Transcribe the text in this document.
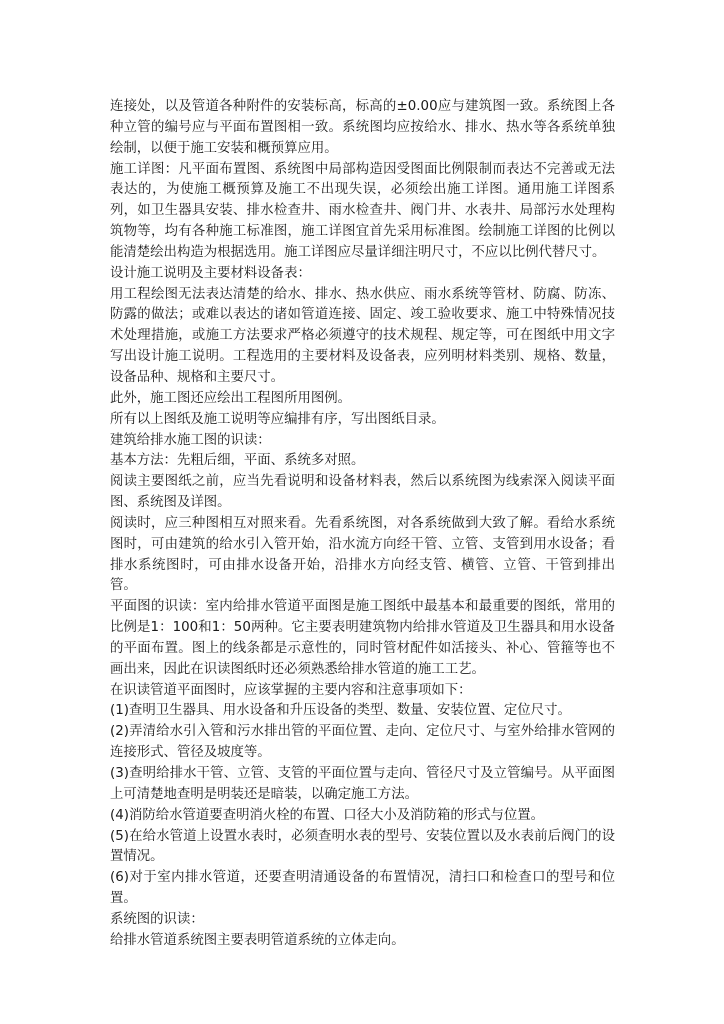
连接处，以及管道各种附件的安装标高，标高的±0.00应与建筑图一致。系统图上各种立管的编号应与平面布置图相一致。系统图均应按给水、排水、热水等各系统单独绘制，以便于施工安装和概预算应用。

施工详图：凡平面布置图、系统图中局部构造因受图面比例限制而表达不完善或无法表达的，为使施工概预算及施工不出现失误，必须绘出施工详图。通用施工详图系列，如卫生器具安装、排水检查井、雨水检查井、阀门井、水表井、局部污水处理构筑物等，均有各种施工标准图，施工详图宜首先采用标准图。绘制施工详图的比例以能清楚绘出构造为根据选用。施工详图应尽量详细注明尺寸，不应以比例代替尺寸。

设计施工说明及主要材料设备表：

用工程绘图无法表达清楚的给水、排水、热水供应、雨水系统等管材、防腐、防冻、防露的做法；或难以表达的诸如管道连接、固定、竣工验收要求、施工中特殊情况技术处理措施，或施工方法要求严格必须遵守的技术规程、规定等，可在图纸中用文字写出设计施工说明。工程选用的主要材料及设备表，应列明材料类别、规格、数量，设备品种、规格和主要尺寸。

此外，施工图还应绘出工程图所用图例。

所有以上图纸及施工说明等应编排有序，写出图纸目录。

建筑给排水施工图的识读：

基本方法：先粗后细，平面、系统多对照。

阅读主要图纸之前，应当先看说明和设备材料表，然后以系统图为线索深入阅读平面图、系统图及详图。

阅读时，应三种图相互对照来看。先看系统图，对各系统做到大致了解。看给水系统图时，可由建筑的给水引入管开始，沿水流方向经干管、立管、支管到用水设备；看排水系统图时，可由排水设备开始，沿排水方向经支管、横管、立管、干管到排出管。

平面图的识读：室内给排水管道平面图是施工图纸中最基本和最重要的图纸，常用的比例是1：100和1：50两种。它主要表明建筑物内给排水管道及卫生器具和用水设备的平面布置。图上的线条都是示意性的，同时管材配件如活接头、补心、管箍等也不画出来，因此在识读图纸时还必须熟悉给排水管道的施工工艺。

在识读管道平面图时，应该掌握的主要内容和注意事项如下：

(1)查明卫生器具、用水设备和升压设备的类型、数量、安装位置、定位尺寸。

(2)弄清给水引入管和污水排出管的平面位置、走向、定位尺寸、与室外给排水管网的连接形式、管径及坡度等。

(3)查明给排水干管、立管、支管的平面位置与走向、管径尺寸及立管编号。从平面图上可清楚地查明是明装还是暗装，以确定施工方法。

(4)消防给水管道要查明消火栓的布置、口径大小及消防箱的形式与位置。

(5)在给水管道上设置水表时，必须查明水表的型号、安装位置以及水表前后阀门的设置情况。

(6)对于室内排水管道，还要查明清通设备的布置情况，清扫口和检查口的型号和位置。

系统图的识读：

给排水管道系统图主要表明管道系统的立体走向。
